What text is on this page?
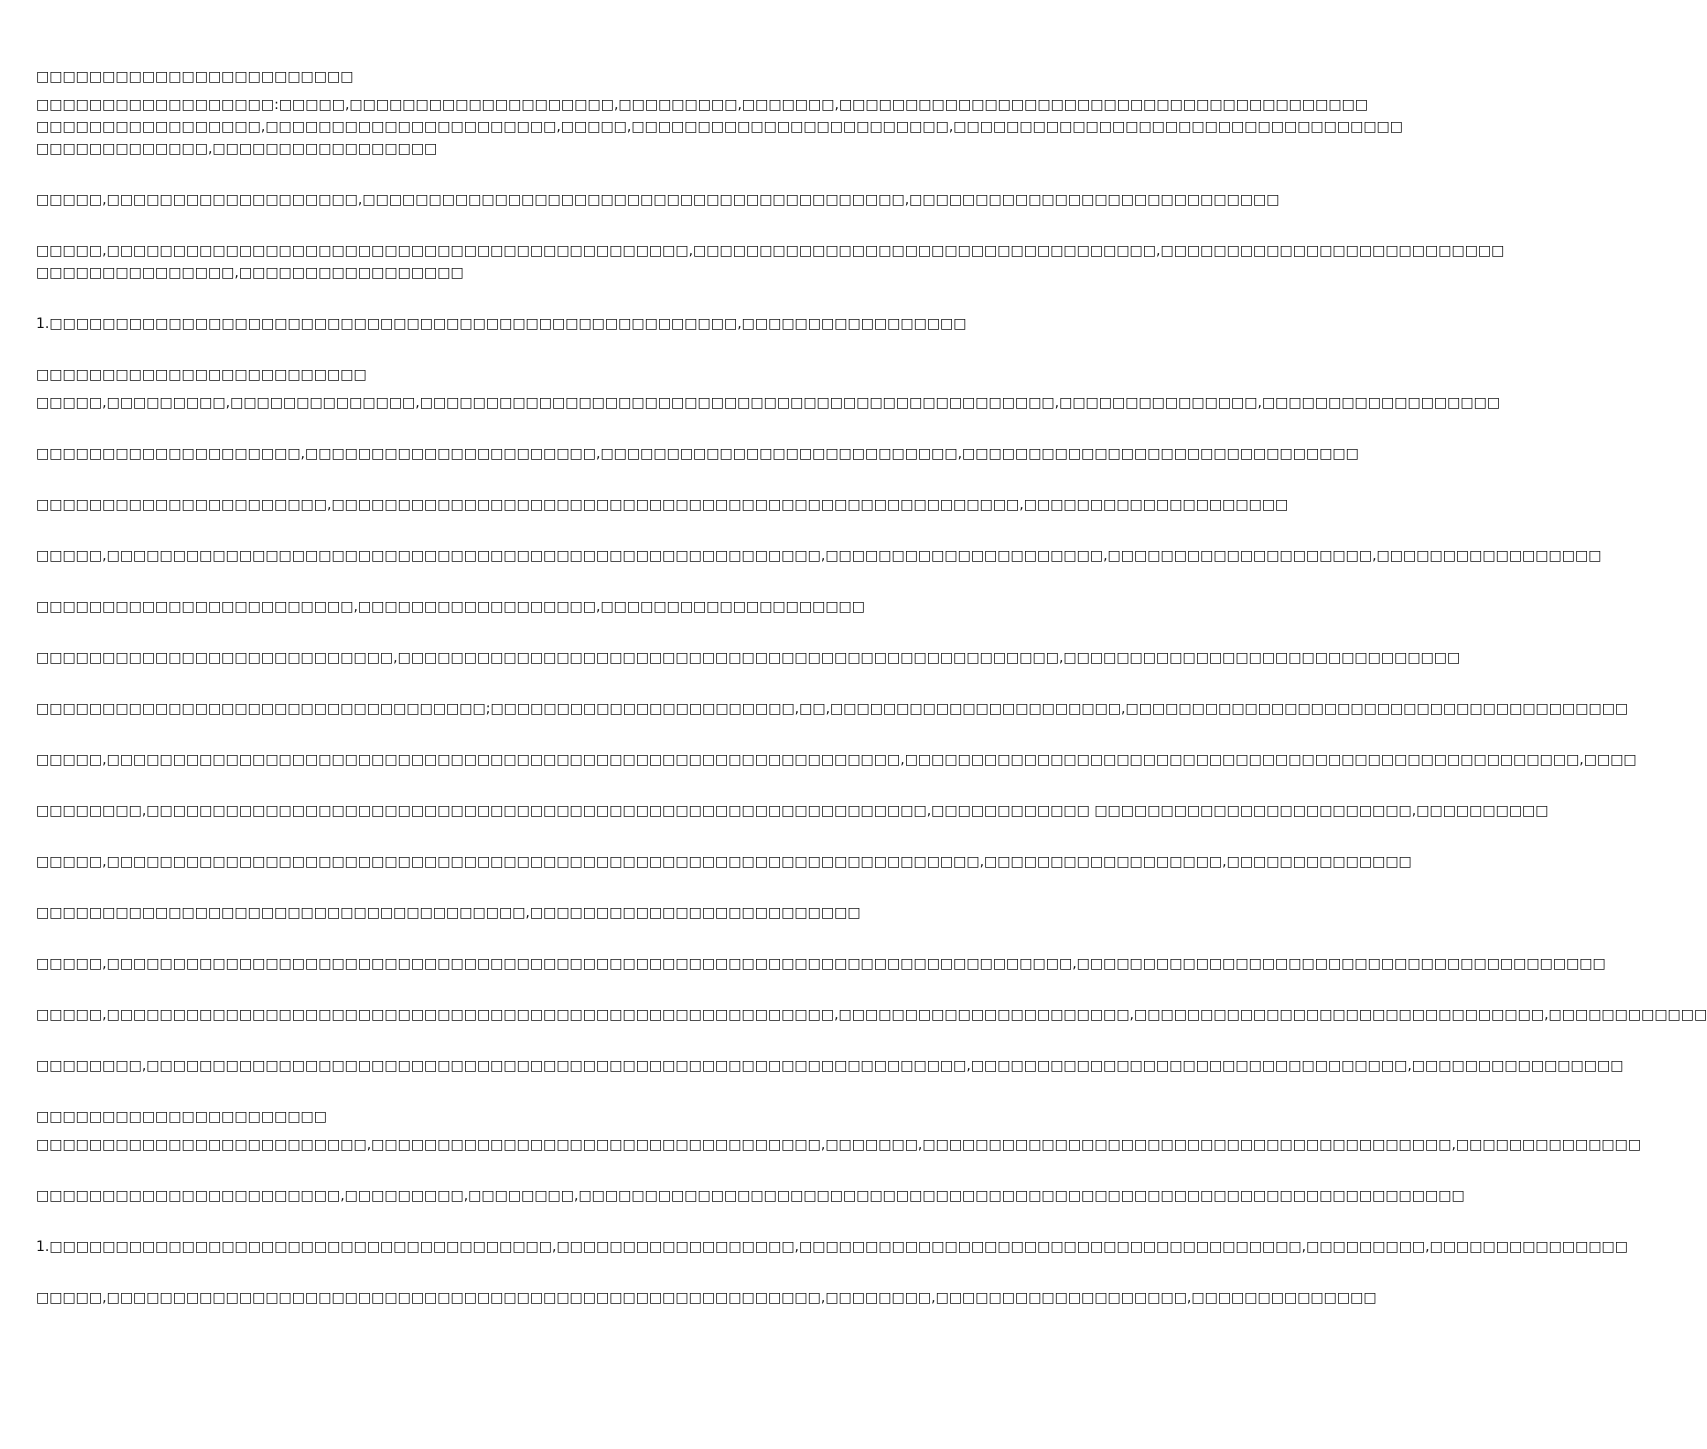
□□□□□□□□□□□□□□□□□□□□□□□□
□□□□□□□□□□□□□□□□□□:□□□□□,□□□□□□□□□□□□□□□□□□□□,□□□□□□□□□,□□□□□□□,□□□□□□□□□□□□□□□□□□□□□□□□□□□□□□□□□□□□□□□□
□□□□□□□□□□□□□□□□□,□□□□□□□□□□□□□□□□□□□□□□,□□□□□,□□□□□□□□□□□□□□□□□□□□□□□□,□□□□□□□□□□□□□□□□□□□□□□□□□□□□□□□□□□
□□□□□□□□□□□□□,□□□□□□□□□□□□□□□□□
□□□□□,□□□□□□□□□□□□□□□□□□□,□□□□□□□□□□□□□□□□□□□□□□□□□□□□□□□□□□□□□□□□□,□□□□□□□□□□□□□□□□□□□□□□□□□□□□
□□□□□,□□□□□□□□□□□□□□□□□□□□□□□□□□□□□□□□□□□□□□□□□□□□,□□□□□□□□□□□□□□□□□□□□□□□□□□□□□□□□□□□,□□□□□□□□□□□□□□□□□□□□□□□□□□
□□□□□□□□□□□□□□□,□□□□□□□□□□□□□□□□□
1.□□□□□□□□□□□□□□□□□□□□□□□□□□□□□□□□□□□□□□□□□□□□□□□□□□□□,□□□□□□□□□□□□□□□□□
□□□□□□□□□□□□□□□□□□□□□□□□□
□□□□□,□□□□□□□□□,□□□□□□□□□□□□□□,□□□□□□□□□□□□□□□□□□□□□□□□□□□□□□□□□□□□□□□□□□□□□□□□,□□□□□□□□□□□□□□□,□□□□□□□□□□□□□□□□□□
□□□□□□□□□□□□□□□□□□□□,□□□□□□□□□□□□□□□□□□□□□□,□□□□□□□□□□□□□□□□□□□□□□□□□□□,□□□□□□□□□□□□□□□□□□□□□□□□□□□□□□
□□□□□□□□□□□□□□□□□□□□□□,□□□□□□□□□□□□□□□□□□□□□□□□□□□□□□□□□□□□□□□□□□□□□□□□□□□□,□□□□□□□□□□□□□□□□□□□□
□□□□□,□□□□□□□□□□□□□□□□□□□□□□□□□□□□□□□□□□□□□□□□□□□□□□□□□□□□□□,□□□□□□□□□□□□□□□□□□□□□,□□□□□□□□□□□□□□□□□□□□,□□□□□□□□□□□□□□□□□
□□□□□□□□□□□□□□□□□□□□□□□□,□□□□□□□□□□□□□□□□□□,□□□□□□□□□□□□□□□□□□□□
□□□□□□□□□□□□□□□□□□□□□□□□□□□,□□□□□□□□□□□□□□□□□□□□□□□□□□□□□□□□□□□□□□□□□□□□□□□□□□,□□□□□□□□□□□□□□□□□□□□□□□□□□□□□□
□□□□□□□□□□□□□□□□□□□□□□□□□□□□□□□□□□;□□□□□□□□□□□□□□□□□□□□□□□,□□,□□□□□□□□□□□□□□□□□□□□□□,□□□□□□□□□□□□□□□□□□□□□□□□□□□□□□□□□□□□□□
□□□□□,□□□□□□□□□□□□□□□□□□□□□□□□□□□□□□□□□□□□□□□□□□□□□□□□□□□□□□□□□□□□,□□□□□□□□□□□□□□□□□□□□□□□□□□□□□□□□□□□□□□□□□□□□□□□□□□□,□□□□
□□□□□□□□,□□□□□□□□□□□□□□□□□□□□□□□□□□□□□□□□□□□□□□□□□□□□□□□□□□□□□□□□□□□,□□□□□□□□□□□□ □□□□□□□□□□□□□□□□□□□□□□□□,□□□□□□□□□□
□□□□□,□□□□□□□□□□□□□□□□□□□□□□□□□□□□□□□□□□□□□□□□□□□□□□□□□□□□□□□□□□□□□□□□□□,□□□□□□□□□□□□□□□□□□,□□□□□□□□□□□□□□
□□□□□□□□□□□□□□□□□□□□□□□□□□□□□□□□□□□□□,□□□□□□□□□□□□□□□□□□□□□□□□□
□□□□□,□□□□□□□□□□□□□□□□□□□□□□□□□□□□□□□□□□□□□□□□□□□□□□□□□□□□□□□□□□□□□□□□□□□□□□□□□,□□□□□□□□□□□□□□□□□□□□□□□□□□□□□□□□□□□□□□□□
□□□□□,□□□□□□□□□□□□□□□□□□□□□□□□□□□□□□□□□□□□□□□□□□□□□□□□□□□□□□□,□□□□□□□□□□□□□□□□□□□□□□,□□□□□□□□□□□□□□□□□□□□□□□□□□□□□□□,□□□□□□□□□□□□
□□□□□□□□,□□□□□□□□□□□□□□□□□□□□□□□□□□□□□□□□□□□□□□□□□□□□□□□□□□□□□□□□□□□□□□,□□□□□□□□□□□□□□□□□□□□□□□□□□□□□□□□□,□□□□□□□□□□□□□□□□
□□□□□□□□□□□□□□□□□□□□□□
□□□□□□□□□□□□□□□□□□□□□□□□□,□□□□□□□□□□□□□□□□□□□□□□□□□□□□□□□□□□,□□□□□□□,□□□□□□□□□□□□□□□□□□□□□□□□□□□□□□□□□□□□□□□□,□□□□□□□□□□□□□□
□□□□□□□□□□□□□□□□□□□□□□□,□□□□□□□□□,□□□□□□□□,□□□□□□□□□□□□□□□□□□□□□□□□□□□□□□□□□□□□□□□□□□□□□□□□□□□□□□□□□□□□□□□□□□□
1.□□□□□□□□□□□□□□□□□□□□□□□□□□□□□□□□□□□□□□,□□□□□□□□□□□□□□□□□□,□□□□□□□□□□□□□□□□□□□□□□□□□□□□□□□□□□□□□□,□□□□□□□□□,□□□□□□□□□□□□□□□
□□□□□,□□□□□□□□□□□□□□□□□□□□□□□□□□□□□□□□□□□□□□□□□□□□□□□□□□□□□□,□□□□□□□□,□□□□□□□□□□□□□□□□□□□,□□□□□□□□□□□□□□
